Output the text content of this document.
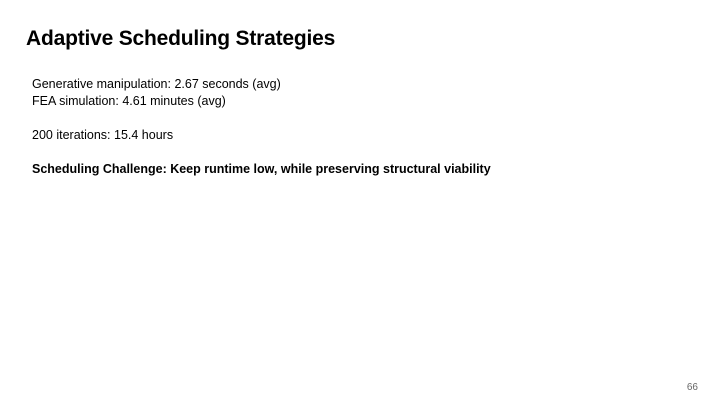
Adaptive Scheduling Strategies
Generative manipulation: 2.67 seconds (avg)
FEA simulation: 4.61 minutes (avg)
200 iterations: 15.4 hours
Scheduling Challenge: Keep runtime low, while preserving structural viability
66
